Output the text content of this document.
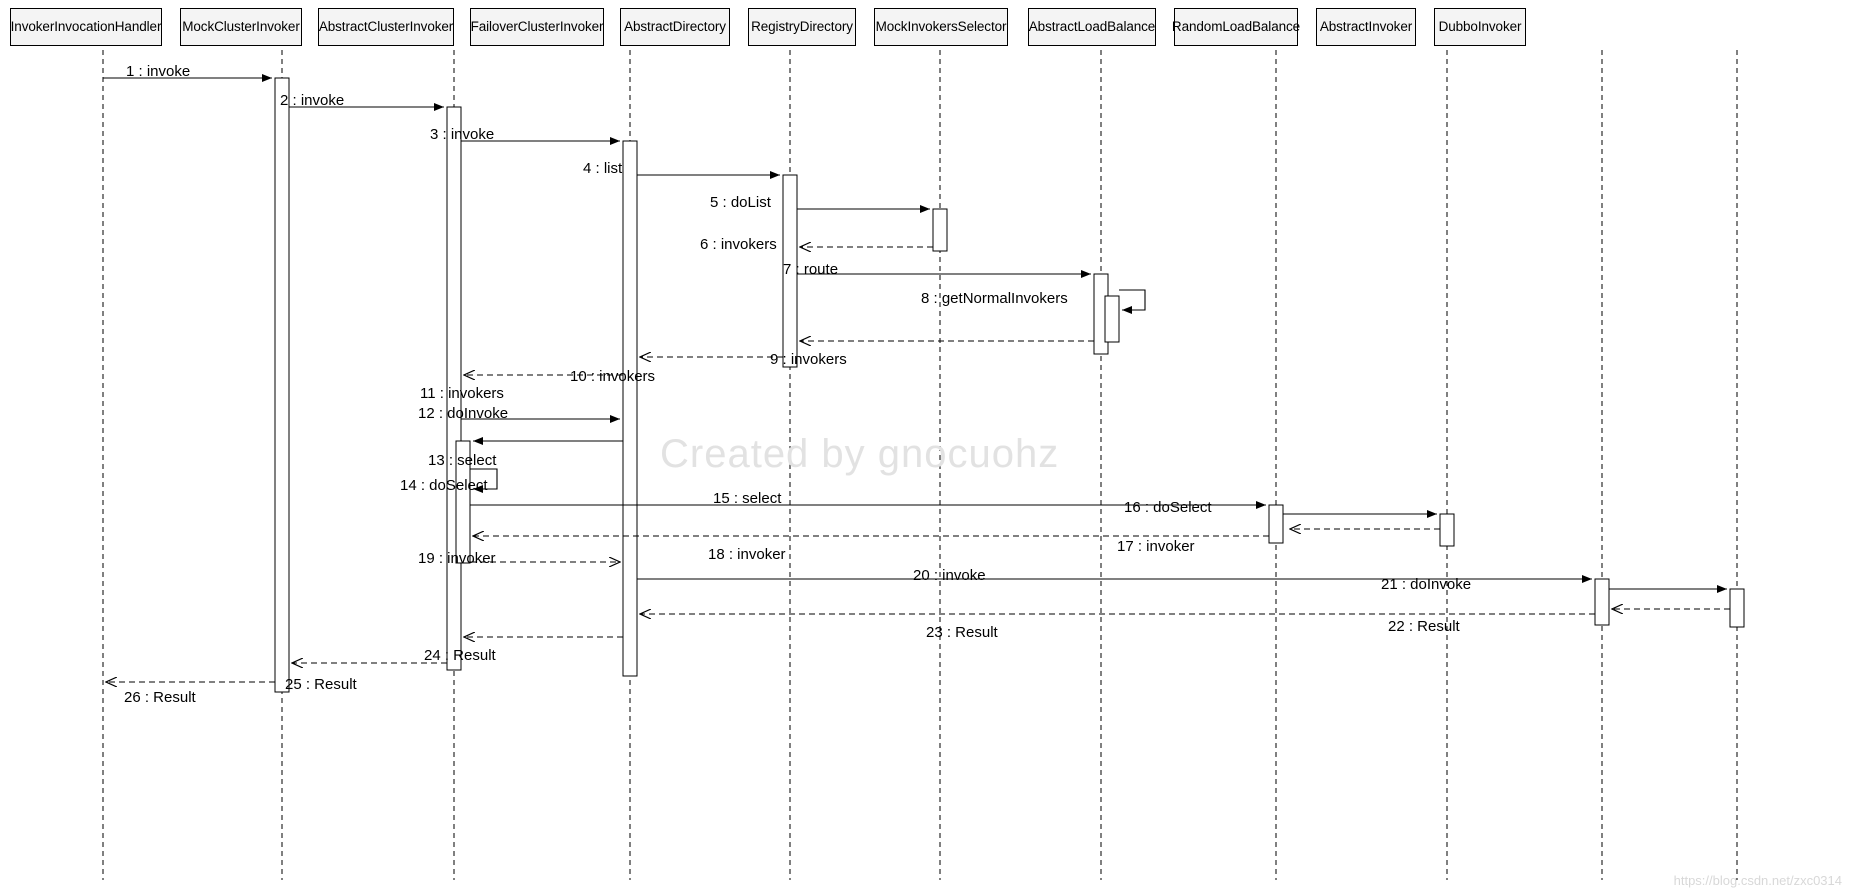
InvokerInvocationHandler MockClusterInvoker AbstractClusterInvoker FailoverClusterInvoker AbstractDirectory RegistryDirectory MockInvokersSelector AbstractLoadBalance RandomLoadBalance AbstractInvoker DubboInvoker
1 : invoke
2 : invoke
3 : invoke
4 : list
5 : doList
6 : invokers
7 : route
8 : getNormalInvokers
9 : invokers
10 : invokers
11 : invokers
12 : doInvoke
13 : select
14 : doSelect
15 : select
16 : doSelect
17 : invoker
18 : invoker
19 : invoker
20 : invoke
21 : doInvoke
22 : Result
23 : Result
24 : Result
25 : Result
26 : Result
Created by gnocuohz
https://blog.csdn.net/zxc0314
